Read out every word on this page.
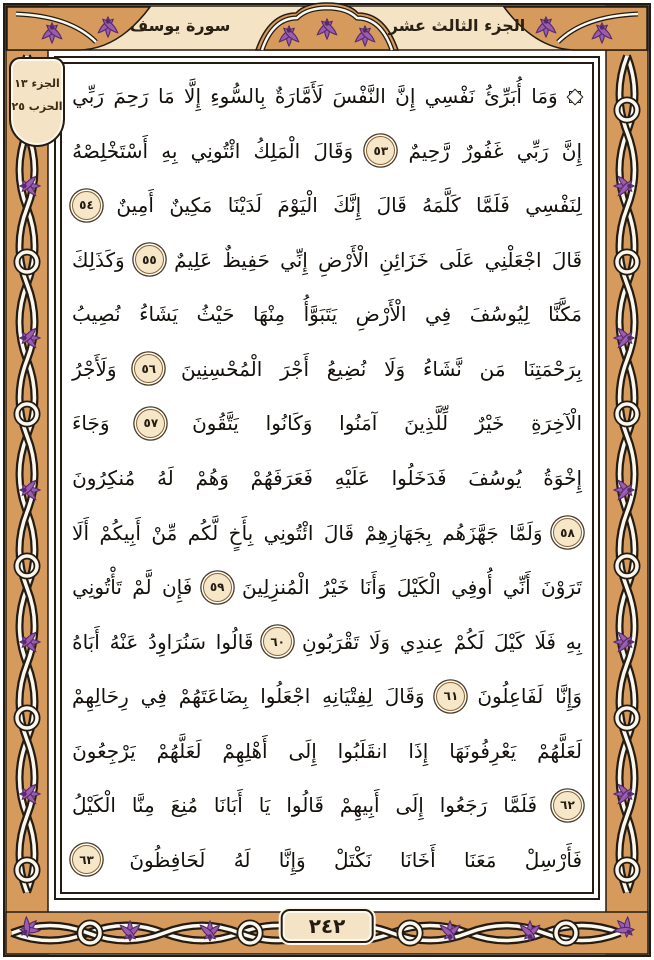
سورة يوسف	الجزء الثالث عشر
الجزء ١٣
الحزب ٢٥	وَمَا
أُبَرِّئُ
نَفْسِي
إِنَّ
النَّفْسَ
لَأَمَّارَةٌ
بِالسُّوءِ
إِلَّا
مَا
رَحِمَ
رَبِّي
إِنَّ
رَبِّي
غَفُورٌ
رَّحِيمٌ
٥٣
وَقَالَ
الْمَلِكُ
ائْتُونِي
بِهِ
أَسْتَخْلِصْهُ
لِنَفْسِي
فَلَمَّا
كَلَّمَهُ
قَالَ
إِنَّكَ
الْيَوْمَ
لَدَيْنَا
مَكِينٌ
أَمِينٌ
٥٤
قَالَ
اجْعَلْنِي
عَلَى
خَزَائِنِ
الْأَرْضِ
إِنِّي
حَفِيظٌ
عَلِيمٌ
٥٥
وَكَذَلِكَ
مَكَّنَّا
لِيُوسُفَ
فِي
الْأَرْضِ
يَتَبَوَّأُ
مِنْهَا
حَيْثُ
يَشَاءُ
نُصِيبُ
بِرَحْمَتِنَا
مَن
نَّشَاءُ
وَلَا
نُضِيعُ
أَجْرَ
الْمُحْسِنِينَ
٥٦
وَلَأَجْرُ
الْآخِرَةِ
خَيْرٌ
لِّلَّذِينَ
آمَنُوا
وَكَانُوا
يَتَّقُونَ
٥٧
وَجَاءَ
إِخْوَةُ
يُوسُفَ
فَدَخَلُوا
عَلَيْهِ
فَعَرَفَهُمْ
وَهُمْ
لَهُ
مُنكِرُونَ
٥٨
وَلَمَّا
جَهَّزَهُم
بِجَهَازِهِمْ
قَالَ
ائْتُونِي
بِأَخٍ
لَّكُم
مِّنْ
أَبِيكُمْ
أَلَا
تَرَوْنَ
أَنِّي
أُوفِي
الْكَيْلَ
وَأَنَا
خَيْرُ
الْمُنزِلِينَ
٥٩
فَإِن
لَّمْ
تَأْتُونِي
بِهِ
فَلَا
كَيْلَ
لَكُمْ
عِندِي
وَلَا
تَقْرَبُونِ
٦٠
قَالُوا
سَنُرَاوِدُ
عَنْهُ
أَبَاهُ
وَإِنَّا
لَفَاعِلُونَ
٦١
وَقَالَ
لِفِتْيَانِهِ
اجْعَلُوا
بِضَاعَتَهُمْ
فِي
رِحَالِهِمْ
لَعَلَّهُمْ
يَعْرِفُونَهَا
إِذَا
انقَلَبُوا
إِلَى
أَهْلِهِمْ
لَعَلَّهُمْ
يَرْجِعُونَ
٦٢
فَلَمَّا
رَجَعُوا
إِلَى
أَبِيهِمْ
قَالُوا
يَا
أَبَانَا
مُنِعَ
مِنَّا
الْكَيْلُ
فَأَرْسِلْ
مَعَنَا
أَخَانَا
نَكْتَلْ
وَإِنَّا
لَهُ
لَحَافِظُونَ
٦٣
٢٤٢
